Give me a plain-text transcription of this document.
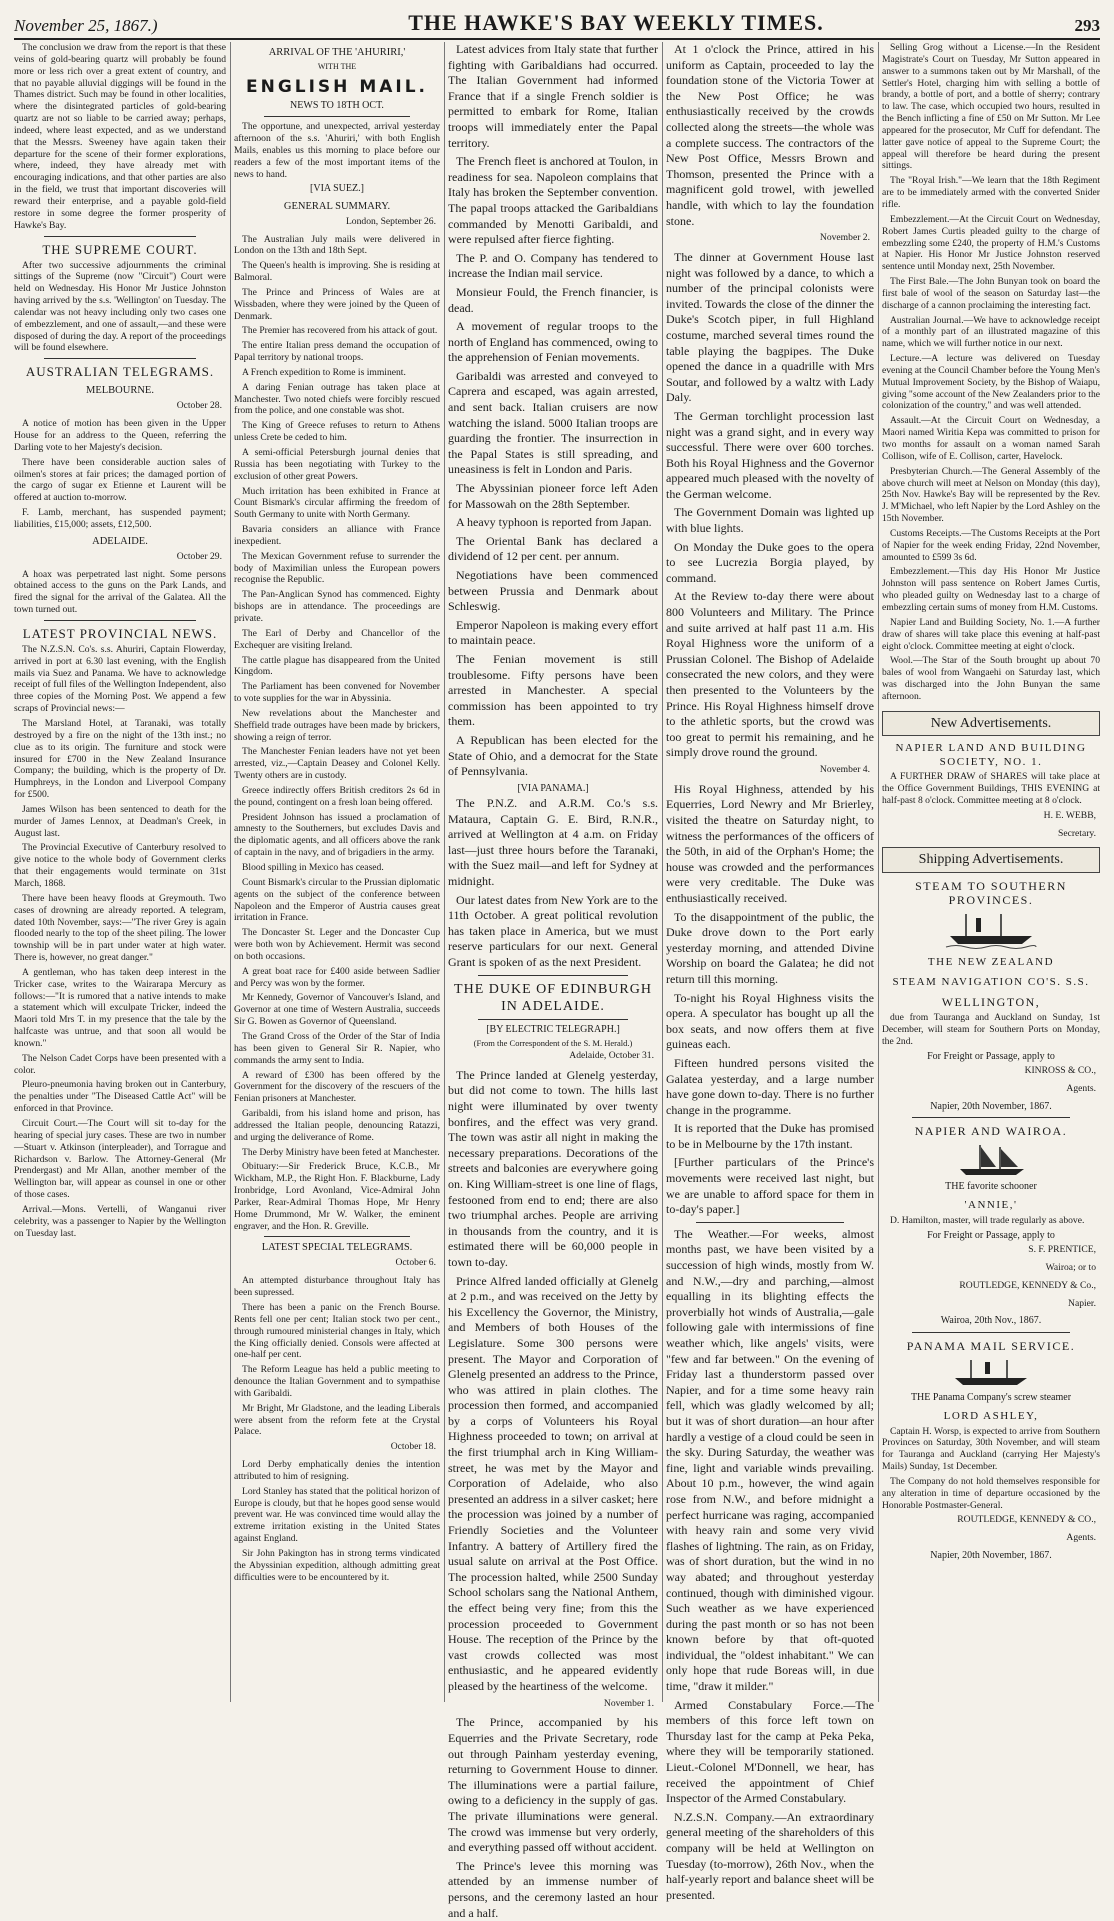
November 25, 1867.)	THE HAWKE'S BAY WEEKLY TIMES.	293

The conclusion we draw from the report is that these veins of gold-bearing quartz will probably be found more or less rich over a great extent of country, and that no payable alluvial diggings will be found in the Thames district. Such may be found in other localities, where the disintegrated particles of gold-bearing quartz are not so liable to be carried away; perhaps, indeed, where least expected, and as we understand that the Messrs. Sweeney have again taken their departure for the scene of their former explorations, where, indeed, they have already met with encouraging indications, and that other parties are also in the field, we trust that important discoveries will reward their enterprise, and a payable gold-field restore in some degree the former prosperity of Hawke's Bay.

THE SUPREME COURT.

After two successive adjournments the criminal sittings of the Supreme (now "Circuit") Court were held on Wednesday. His Honor Mr Justice Johnston having arrived by the s.s. 'Wellington' on Tuesday. The calendar was not heavy including only two cases one of embezzlement, and one of assault,—and these were disposed of during the day. A report of the proceedings will be found elsewhere.

AUSTRALIAN TELEGRAMS.
MELBOURNE.
October 28.

A notice of motion has been given in the Upper House for an address to the Queen, referring the Darling vote to her Majesty's decision.

There have been considerable auction sales of oilmen's stores at fair prices; the damaged portion of the cargo of sugar ex Etienne et Laurent will be offered at auction to-morrow.

F. Lamb, merchant, has suspended payment; liabilities, £15,000; assets, £12,500.

ADELAIDE.
October 29.

A hoax was perpetrated last night. Some persons obtained access to the guns on the Park Lands, and fired the signal for the arrival of the Galatea. All the town turned out.

LATEST PROVINCIAL NEWS.

The N.Z.S.N. Co's. s.s. Ahuriri, Captain Flowerday, arrived in port at 6.30 last evening, with the English mails via Suez and Panama. We have to acknowledge receipt of full files of the Wellington Independent, also three copies of the Morning Post. We append a few scraps of Provincial news:—

The Marsland Hotel, at Taranaki, was totally destroyed by a fire on the night of the 13th inst.; no clue as to its origin. The furniture and stock were insured for £700 in the New Zealand Insurance Company; the building, which is the property of Dr. Humphreys, in the London and Liverpool Company for £500.

James Wilson has been sentenced to death for the murder of James Lennox, at Deadman's Creek, in August last.

The Provincial Executive of Canterbury resolved to give notice to the whole body of Government clerks that their engagements would terminate on 31st March, 1868.

There have been heavy floods at Greymouth. Two cases of drowning are already reported. A telegram, dated 10th November, says:—"The river Grey is again flooded nearly to the top of the sheet piling. The lower township will be in part under water at high water. There is, however, no great danger."

A gentleman, who has taken deep interest in the Tricker case, writes to the Wairarapa Mercury as follows:—"It is rumored that a native intends to make a statement which will exculpate Tricker, indeed the Maori told Mrs T. in my presence that the tale by the halfcaste was untrue, and that soon all would be known."

The Nelson Cadet Corps have been presented with a color.

Pleuro-pneumonia having broken out in Canterbury, the penalties under "The Diseased Cattle Act" will be enforced in that Province.

Circuit Court.—The Court will sit to-day for the hearing of special jury cases. These are two in number—Stuart v. Atkinson (interpleader), and Torrague and Richardson v. Barlow. The Attorney-General (Mr Prendergast) and Mr Allan, another member of the Wellington bar, will appear as counsel in one or other of those cases.

Arrival.—Mons. Vertelli, of Wanganui river celebrity, was a passenger to Napier by the Wellington on Tuesday last.

ARRIVAL OF THE 'AHURIRI,'
WITH THE
ENGLISH MAIL.
NEWS TO 18TH OCT.

The opportune, and unexpected, arrival yesterday afternoon of the s.s. 'Ahuriri,' with both English Mails, enables us this morning to place before our readers a few of the most important items of the news to hand.

[VIA SUEZ.]
GENERAL SUMMARY.
London, September 26.

The Australian July mails were delivered in London on the 13th and 18th Sept.

The Queen's health is improving. She is residing at Balmoral.

The Prince and Princess of Wales are at Wissbaden, where they were joined by the Queen of Denmark.

The Premier has recovered from his attack of gout.

The entire Italian press demand the occupation of Papal territory by national troops.

A French expedition to Rome is imminent.

A daring Fenian outrage has taken place at Manchester. Two noted chiefs were forcibly rescued from the police, and one constable was shot.

The King of Greece refuses to return to Athens unless Crete be ceded to him.

A semi-official Petersburgh journal denies that Russia has been negotiating with Turkey to the exclusion of other great Powers.

Much irritation has been exhibited in France at Count Bismark's circular affirming the freedom of South Germany to unite with North Germany.

Bavaria considers an alliance with France inexpedient.

The Mexican Government refuse to surrender the body of Maximilian unless the European powers recognise the Republic.

The Pan-Anglican Synod has commenced. Eighty bishops are in attendance. The proceedings are private.

The Earl of Derby and Chancellor of the Exchequer are visiting Ireland.

The cattle plague has disappeared from the United Kingdom.

The Parliament has been convened for November to vote supplies for the war in Abyssinia.

New revelations about the Manchester and Sheffield trade outrages have been made by brickers, showing a reign of terror.

The Manchester Fenian leaders have not yet been arrested, viz.,—Captain Deasey and Colonel Kelly. Twenty others are in custody.

Greece indirectly offers British creditors 2s 6d in the pound, contingent on a fresh loan being offered.

President Johnson has issued a proclamation of amnesty to the Southerners, but excludes Davis and the diplomatic agents, and all officers above the rank of captain in the navy, and of brigadiers in the army.

Blood spilling in Mexico has ceased.

Count Bismark's circular to the Prussian diplomatic agents on the subject of the conference between Napoleon and the Emperor of Austria causes great irritation in France.

The Doncaster St. Leger and the Doncaster Cup were both won by Achievement. Hermit was second on both occasions.

A great boat race for £400 aside between Sadlier and Percy was won by the former.

Mr Kennedy, Governor of Vancouver's Island, and Governor at one time of Western Australia, succeeds Sir G. Bowen as Governor of Queensland.

The Grand Cross of the Order of the Star of India has been given to General Sir R. Napier, who commands the army sent to India.

A reward of £300 has been offered by the Government for the discovery of the rescuers of the Fenian prisoners at Manchester.

Garibaldi, from his island home and prison, has addressed the Italian people, denouncing Ratazzi, and urging the deliverance of Rome.

The Derby Ministry have been feted at Manchester.

Obituary:—Sir Frederick Bruce, K.C.B., Mr Wickham, M.P., the Right Hon. F. Blackburne, Lady Ironbridge, Lord Avonland, Vice-Admiral John Parker, Rear-Admiral Thomas Hope, Mr Henry Home Drummond, Mr W. Walker, the eminent engraver, and the Hon. R. Greville.

LATEST SPECIAL TELEGRAMS.
October 6.

An attempted disturbance throughout Italy has been supressed.

There has been a panic on the French Bourse. Rents fell one per cent; Italian stock two per cent., through rumoured ministerial changes in Italy, which the King officially denied. Consols were affected at one-half per cent.

The Reform League has held a public meeting to denounce the Italian Government and to sympathise with Garibaldi.

Mr Bright, Mr Gladstone, and the leading Liberals were absent from the reform fete at the Crystal Palace.

October 18.

Lord Derby emphatically denies the intention attributed to him of resigning.

Lord Stanley has stated that the political horizon of Europe is cloudy, but that he hopes good sense would prevent war. He was convinced time would allay the extreme irritation existing in the United States against England.

Sir John Pakington has in strong terms vindicated the Abyssinian expedition, although admitting great difficulties were to be encountered by it.

Latest advices from Italy state that further fighting with Garibaldians had occurred. The Italian Government had informed France that if a single French soldier is permitted to embark for Rome, Italian troops will immediately enter the Papal territory.

The French fleet is anchored at Toulon, in readiness for sea. Napoleon complains that Italy has broken the September convention. The papal troops attacked the Garibaldians commanded by Menotti Garibaldi, and were repulsed after fierce fighting.

The P. and O. Company has tendered to increase the Indian mail service.

Monsieur Fould, the French financier, is dead.

A movement of regular troops to the north of England has commenced, owing to the apprehension of Fenian movements.

Garibaldi was arrested and conveyed to Caprera and escaped, was again arrested, and sent back. Italian cruisers are now watching the island. 5000 Italian troops are guarding the frontier. The insurrection in the Papal States is still spreading, and uneasiness is felt in London and Paris.

The Abyssinian pioneer force left Aden for Massowah on the 28th September.

A heavy typhoon is reported from Japan.

The Oriental Bank has declared a dividend of 12 per cent. per annum.

Negotiations have been commenced between Prussia and Denmark about Schleswig.

Emperor Napoleon is making every effort to maintain peace.

The Fenian movement is still troublesome. Fifty persons have been arrested in Manchester. A special commission has been appointed to try them.

A Republican has been elected for the State of Ohio, and a democrat for the State of Pennsylvania.

[VIA PANAMA.]

The P.N.Z. and A.R.M. Co.'s s.s. Mataura, Captain G. E. Bird, R.N.R., arrived at Wellington at 4 a.m. on Friday last—just three hours before the Taranaki, with the Suez mail—and left for Sydney at midnight.

Our latest dates from New York are to the 11th October. A great political revolution has taken place in America, but we must reserve particulars for our next. General Grant is spoken of as the next President.

THE DUKE OF EDINBURGH IN ADELAIDE.
[BY ELECTRIC TELEGRAPH.]
(From the Correspondent of the S. M. Herald.)
Adelaide, October 31.

The Prince landed at Glenelg yesterday, but did not come to town. The hills last night were illuminated by over twenty bonfires, and the effect was very grand. The town was astir all night in making the necessary preparations. Decorations of the streets and balconies are everywhere going on. King William-street is one line of flags, festooned from end to end; there are also two triumphal arches. People are arriving in thousands from the country, and it is estimated there will be 60,000 people in town to-day.

Prince Alfred landed officially at Glenelg at 2 p.m., and was received on the Jetty by his Excellency the Governor, the Ministry, and Members of both Houses of the Legislature. Some 300 persons were present. The Mayor and Corporation of Glenelg presented an address to the Prince, who was attired in plain clothes. The procession then formed, and accompanied by a corps of Volunteers his Royal Highness proceeded to town; on arrival at the first triumphal arch in King William-street, he was met by the Mayor and Corporation of Adelaide, who also presented an address in a silver casket; here the procession was joined by a number of Friendly Societies and the Volunteer Infantry. A battery of Artillery fired the usual salute on arrival at the Post Office. The procession halted, while 2500 Sunday School scholars sang the National Anthem, the effect being very fine; from this the procession proceeded to Government House. The reception of the Prince by the vast crowds collected was most enthusiastic, and he appeared evidently pleased by the heartiness of the welcome.

November 1.

The Prince, accompanied by his Equerries and the Private Secretary, rode out through Painham yesterday evening, returning to Government House to dinner. The illuminations were a partial failure, owing to a deficiency in the supply of gas. The private illuminations were general. The crowd was immense but very orderly, and everything passed off without accident.

The Prince's levee this morning was attended by an immense number of persons, and the ceremony lasted an hour and a half.

At 1 o'clock the Prince, attired in his uniform as Captain, proceeded to lay the foundation stone of the Victoria Tower at the New Post Office; he was enthusiastically received by the crowds collected along the streets—the whole was a complete success. The contractors of the New Post Office, Messrs Brown and Thomson, presented the Prince with a magnificent gold trowel, with jewelled handle, with which to lay the foundation stone.

November 2.

The dinner at Government House last night was followed by a dance, to which a number of the principal colonists were invited. Towards the close of the dinner the Duke's Scotch piper, in full Highland costume, marched several times round the table playing the bagpipes. The Duke opened the dance in a quadrille with Mrs Soutar, and followed by a waltz with Lady Daly.

The German torchlight procession last night was a grand sight, and in every way successful. There were over 600 torches. Both his Royal Highness and the Governor appeared much pleased with the novelty of the German welcome.

The Government Domain was lighted up with blue lights.

On Monday the Duke goes to the opera to see Lucrezia Borgia played, by command.

At the Review to-day there were about 800 Volunteers and Military. The Prince and suite arrived at half past 11 a.m. His Royal Highness wore the uniform of a Prussian Colonel. The Bishop of Adelaide consecrated the new colors, and they were then presented to the Volunteers by the Prince. His Royal Highness himself drove to the athletic sports, but the crowd was too great to permit his remaining, and he simply drove round the ground.

November 4.

His Royal Highness, attended by his Equerries, Lord Newry and Mr Brierley, visited the theatre on Saturday night, to witness the performances of the officers of the 50th, in aid of the Orphan's Home; the house was crowded and the performances were very creditable. The Duke was enthusiastically received.

To the disappointment of the public, the Duke drove down to the Port early yesterday morning, and attended Divine Worship on board the Galatea; he did not return till this morning.

To-night his Royal Highness visits the opera. A speculator has bought up all the box seats, and now offers them at five guineas each.

Fifteen hundred persons visited the Galatea yesterday, and a large number have gone down to-day. There is no further change in the programme.

It is reported that the Duke has promised to be in Melbourne by the 17th instant.

[Further particulars of the Prince's movements were received last night, but we are unable to afford space for them in to-day's paper.]

The Weather.—For weeks, almost months past, we have been visited by a succession of high winds, mostly from W. and N.W.,—dry and parching,—almost equalling in its blighting effects the proverbially hot winds of Australia,—gale following gale with intermissions of fine weather which, like angels' visits, were "few and far between." On the evening of Friday last a thunderstorm passed over Napier, and for a time some heavy rain fell, which was gladly welcomed by all; but it was of short duration—an hour after hardly a vestige of a cloud could be seen in the sky. During Saturday, the weather was fine, light and variable winds prevailing. About 10 p.m., however, the wind again rose from N.W., and before midnight a perfect hurricane was raging, accompanied with heavy rain and some very vivid flashes of lightning. The rain, as on Friday, was of short duration, but the wind in no way abated; and throughout yesterday continued, though with diminished vigour. Such weather as we have experienced during the past month or so has not been known before by that oft-quoted individual, the "oldest inhabitant." We can only hope that rude Boreas will, in due time, "draw it milder."

Armed Constabulary Force.—The members of this force left town on Thursday last for the camp at Peka Peka, where they will be temporarily stationed. Lieut.-Colonel M'Donnell, we hear, has received the appointment of Chief Inspector of the Armed Constabulary.

N.Z.S.N. Company.—An extraordinary general meeting of the shareholders of this company will be held at Wellington on Tuesday (to-morrow), 26th Nov., when the half-yearly report and balance sheet will be presented.

Selling Grog without a License.—In the Resident Magistrate's Court on Tuesday, Mr Sutton appeared in answer to a summons taken out by Mr Marshall, of the Settler's Hotel, charging him with selling a bottle of brandy, a bottle of port, and a bottle of sherry; contrary to law. The case, which occupied two hours, resulted in the Bench inflicting a fine of £50 on Mr Sutton. Mr Lee appeared for the prosecutor, Mr Cuff for defendant. The latter gave notice of appeal to the Supreme Court; the appeal will therefore be heard during the present sittings.

The "Royal Irish."—We learn that the 18th Regiment are to be immediately armed with the converted Snider rifle.

Embezzlement.—At the Circuit Court on Wednesday, Robert James Curtis pleaded guilty to the charge of embezzling some £240, the property of H.M.'s Customs at Napier. His Honor Mr Justice Johnston reserved sentence until Monday next, 25th November.

The First Bale.—The John Bunyan took on board the first bale of wool of the season on Saturday last—the discharge of a cannon proclaiming the interesting fact.

Australian Journal.—We have to acknowledge receipt of a monthly part of an illustrated magazine of this name, which we will further notice in our next.

Lecture.—A lecture was delivered on Tuesday evening at the Council Chamber before the Young Men's Mutual Improvement Society, by the Bishop of Waiapu, giving "some account of the New Zealanders prior to the colonization of the country," and was well attended.

Assault.—At the Circuit Court on Wednesday, a Maori named Wiritia Kepa was committed to prison for two months for assault on a woman named Sarah Collison, wife of E. Collison, carter, Havelock.

Presbyterian Church.—The General Assembly of the above church will meet at Nelson on Monday (this day), 25th Nov. Hawke's Bay will be represented by the Rev. J. M'Michael, who left Napier by the Lord Ashley on the 15th November.

Customs Receipts.—The Customs Receipts at the Port of Napier for the week ending Friday, 22nd November, amounted to £599 3s 6d.

Embezzlement.—This day His Honor Mr Justice Johnston will pass sentence on Robert James Curtis, who pleaded guilty on Wednesday last to a charge of embezzling certain sums of money from H.M. Customs.

Napier Land and Building Society, No. 1.—A further draw of shares will take place this evening at half-past eight o'clock. Committee meeting at eight o'clock.

Wool.—The Star of the South brought up about 70 bales of wool from Wangaehi on Saturday last, which was discharged into the John Bunyan the same afternoon.

New Advertisements.
NAPIER LAND AND BUILDING SOCIETY, NO. 1.

A FURTHER DRAW of SHARES will take place at the Office Government Buildings, THIS EVENING at half-past 8 o'clock. Committee meeting at 8 o'clock.

H. E. WEBB,
Secretary.
Shipping Advertisements.
STEAM TO SOUTHERN PROVINCES.
THE NEW ZEALAND
STEAM NAVIGATION CO'S. S.S.
WELLINGTON,

due from Tauranga and Auckland on Sunday, 1st December, will steam for Southern Ports on Monday, the 2nd.

For Freight or Passage, apply to
KINROSS & CO.,
Agents.
Napier, 20th November, 1867.
NAPIER AND WAIROA.
THE favorite schooner
'ANNIE,'

D. Hamilton, master, will trade regularly as above.

For Freight or Passage, apply to
S. F. PRENTICE,
Wairoa; or to
ROUTLEDGE, KENNEDY & Co.,
Napier.
Wairoa, 20th Nov., 1867.
PANAMA MAIL SERVICE.
THE Panama Company's screw steamer
LORD ASHLEY,

Captain H. Worsp, is expected to arrive from Southern Provinces on Saturday, 30th November, and will steam for Tauranga and Auckland (carrying Her Majesty's Mails) Sunday, 1st December.

The Company do not hold themselves responsible for any alteration in time of departure occasioned by the Honorable Postmaster-General.

ROUTLEDGE, KENNEDY & CO.,
Agents.
Napier, 20th November, 1867.
